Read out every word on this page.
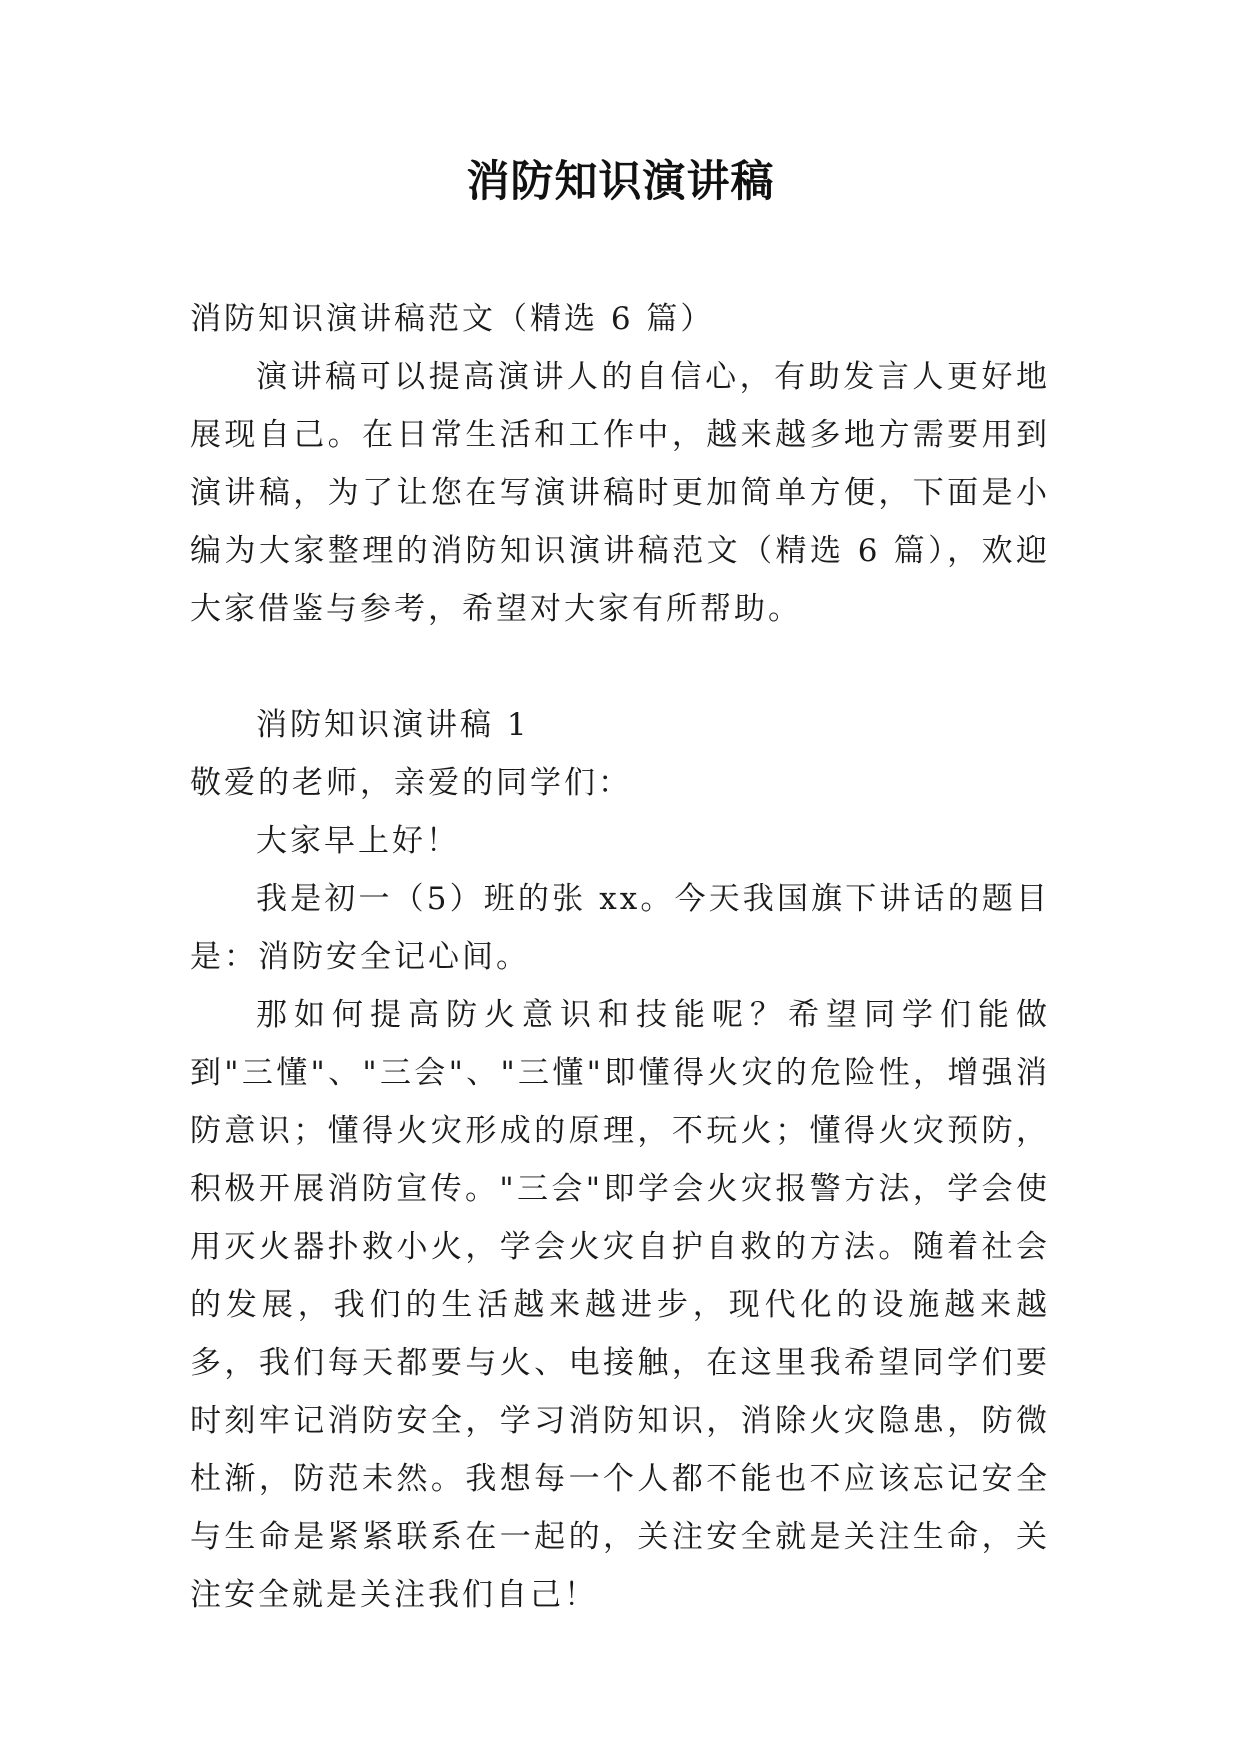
消防知识演讲稿

消防知识演讲稿范文（精选 6 篇）

演讲稿可以提高演讲人的自信心，有助发言人更好地展现自己。在日常生活和工作中，越来越多地方需要用到演讲稿，为了让您在写演讲稿时更加简单方便，下面是小编为大家整理的消防知识演讲稿范文（精选 6 篇），欢迎大家借鉴与参考，希望对大家有所帮助。

消防知识演讲稿 1

敬爱的老师，亲爱的同学们：

大家早上好！

我是初一（5）班的张 xx。今天我国旗下讲话的题目是：消防安全记心间。

那如何提高防火意识和技能呢？希望同学们能做到"三懂"、"三会"、"三懂"即懂得火灾的危险性，增强消防意识；懂得火灾形成的原理，不玩火；懂得火灾预防，积极开展消防宣传。"三会"即学会火灾报警方法，学会使用灭火器扑救小火，学会火灾自护自救的方法。随着社会的发展，我们的生活越来越进步，现代化的设施越来越多，我们每天都要与火、电接触，在这里我希望同学们要时刻牢记消防安全，学习消防知识，消除火灾隐患，防微杜渐，防范未然。我想每一个人都不能也不应该忘记安全与生命是紧紧联系在一起的，关注安全就是关注生命，关注安全就是关注我们自己！
